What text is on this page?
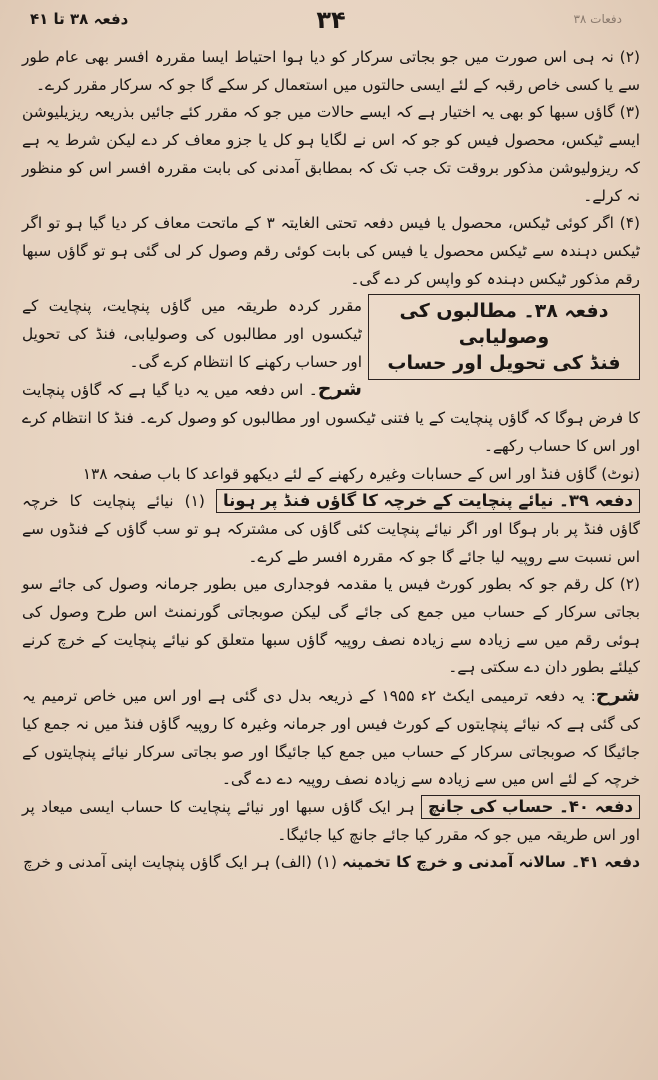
دفعہ ۳۸ تا ۴۱	۳۴	دفعات ۳۸

(۲) نہ ہی اس صورت میں جو بجاتی سرکار کو دیا ہوا احتیاط ایسا مقررہ افسر بھی عام طور سے یا کسی خاص رقبہ کے لئے ایسی حالتوں میں استعمال کر سکے گا جو کہ سرکار مقرر کرے۔

(۳) گاؤں سبھا کو بھی یہ اختیار ہے کہ ایسے حالات میں جو کہ مقرر کئے جائیں بذریعہ ریزیلیوشن ایسے ٹیکس، محصول فیس کو جو کہ اس نے لگایا ہو کل یا جزو معاف کر دے لیکن شرط یہ ہے کہ ریزولیوشن مذکور بروقت تک جب تک کہ بمطابق آمدنی کی بابت مقررہ افسر اس کو منظور نہ کرلے۔

(۴) اگر کوئی ٹیکس، محصول یا فیس دفعہ تحتی الغایتہ ۳ کے ماتحت معاف کر دیا گیا ہو تو اگر ٹیکس دہندہ سے ٹیکس محصول یا فیس کی بابت کوئی رقم وصول کر لی گئی ہو تو گاؤں سبھا رقم مذکور ٹیکس دہندہ کو واپس کر دے گی۔

دفعہ ۳۸۔ مطالبوں کی وصولیابی
فنڈ کی تحویل اور حساب

مقرر کردہ طریقہ میں گاؤں پنچایت، پنچایت کے ٹیکسوں اور مطالبوں کی وصولیابی، فنڈ کی تحویل اور حساب رکھنے کا انتظام کرے گی۔

شرح۔ اس دفعہ میں یہ دیا گیا ہے کہ گاؤں پنچایت کا فرض ہوگا کہ گاؤں پنچایت کے یا فتنی ٹیکسوں اور مطالبوں کو وصول کرے۔ فنڈ کا انتظام کرے اور اس کا حساب رکھے۔

(نوٹ) گاؤں فنڈ اور اس کے حسابات وغیرہ رکھنے کے لئے دیکھو قواعد کا باب صفحہ ۱۳۸

دفعہ ۳۹۔ نیائے پنچایت کے خرچہ کا گاؤں فنڈ پر ہونا (۱) نیائے پنچایت کا خرچہ گاؤں فنڈ پر بار ہوگا اور اگر نیائے پنچایت کئی گاؤں کی مشترکہ ہو تو سب گاؤں کے فنڈوں سے اس نسبت سے روپیہ لیا جائے گا جو کہ مقررہ افسر طے کرے۔

(۲) کل رقم جو کہ بطور کورٹ فیس یا مقدمہ فوجداری میں بطور جرمانہ وصول کی جائے سو بجاتی سرکار کے حساب میں جمع کی جائے گی لیکن صوبجاتی گورنمنٹ اس طرح وصول کی ہوئی رقم میں سے زیادہ سے زیادہ نصف روپیہ گاؤں سبھا متعلق کو نیائے پنچایت کے خرچ کرنے کیلئے بطور دان دے سکتی ہے۔

شرح: یہ دفعہ ترمیمی ایکٹ ۲ء ۱۹۵۵ کے ذریعہ بدل دی گئی ہے اور اس میں خاص ترمیم یہ کی گئی ہے کہ نیائے پنچایتوں کے کورٹ فیس اور جرمانہ وغیرہ کا روپیہ گاؤں فنڈ میں نہ جمع کیا جائیگا کہ صوبجاتی سرکار کے حساب میں جمع کیا جائیگا اور صو بجاتی سرکار نیائے پنچایتوں کے خرچہ کے لئے اس میں سے زیادہ سے زیادہ نصف روپیہ دے دے گی۔

دفعہ ۴۰۔ حساب کی جانچ ہر ایک گاؤں سبھا اور نیائے پنچایت کا حساب ایسی میعاد پر اور اس طریقہ میں جو کہ مقرر کیا جائے جانچ کیا جائیگا۔

دفعہ ۴۱۔ سالانہ آمدنی و خرچ کا تخمینہ (۱) (الف) ہر ایک گاؤں پنچایت اپنی آمدنی و خرچ
